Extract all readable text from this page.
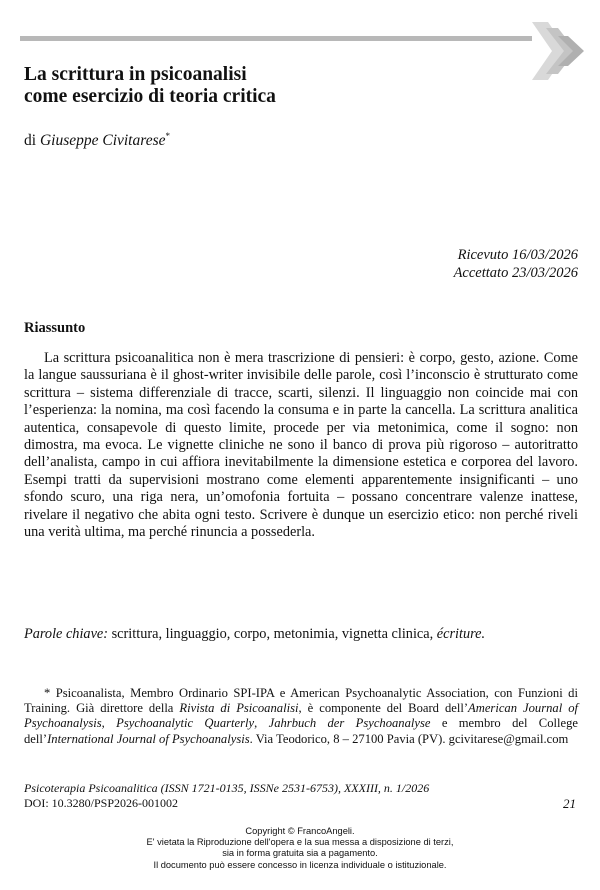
La scrittura in psicoanalisi
come esercizio di teoria critica
di Giuseppe Civitarese*
Ricevuto 16/03/2026
Accettato 23/03/2026
Riassunto

La scrittura psicoanalitica non è mera trascrizione di pensieri: è corpo, gesto, azione. Come la langue saussuriana è il ghost-writer invisibile delle parole, così l’inconscio è strutturato come scrittura – sistema differenziale di tracce, scarti, silenzi. Il linguaggio non coincide mai con l’esperienza: la nomina, ma così facendo la consuma e in parte la cancella. La scrittura analitica autentica, consapevole di questo limite, procede per via metonimica, come il sogno: non dimostra, ma evoca. Le vignette cliniche ne sono il banco di prova più rigoroso – autoritratto dell’analista, campo in cui affiora inevitabilmente la dimensione estetica e corporea del lavoro. Esempi tratti da supervisioni mostrano come elementi apparentemente insignificanti – uno sfondo scuro, una riga nera, un’omofonia fortuita – possano concentrare valenze inattese, rivelare il negativo che abita ogni testo. Scrivere è dunque un esercizio etico: non perché riveli una verità ultima, ma perché rinuncia a possederla.

Parole chiave: scrittura, linguaggio, corpo, metonimia, vignetta clinica, écriture.

* Psicoanalista, Membro Ordinario SPI-IPA e American Psychoanalytic Association, con Funzioni di Training. Già direttore della Rivista di Psicoanalisi, è componente del Board dell’American Journal of Psychoanalysis, Psychoanalytic Quarterly, Jahrbuch der Psychoanalyse e membro del College dell’International Journal of Psychoanalysis. Via Teodorico, 8 – 27100 Pavia (PV). gcivitarese@gmail.com

Psicoterapia Psicoanalitica (ISSN 1721-0135, ISSNe 2531-6753), XXXIII, n. 1/2026
DOI: 10.3280/PSP2026-001002	21
Copyright © FrancoAngeli.
E' vietata la Riproduzione dell'opera e la sua messa a disposizione di terzi,
sia in forma gratuita sia a pagamento.
Il documento può essere concesso in licenza individuale o istituzionale.
